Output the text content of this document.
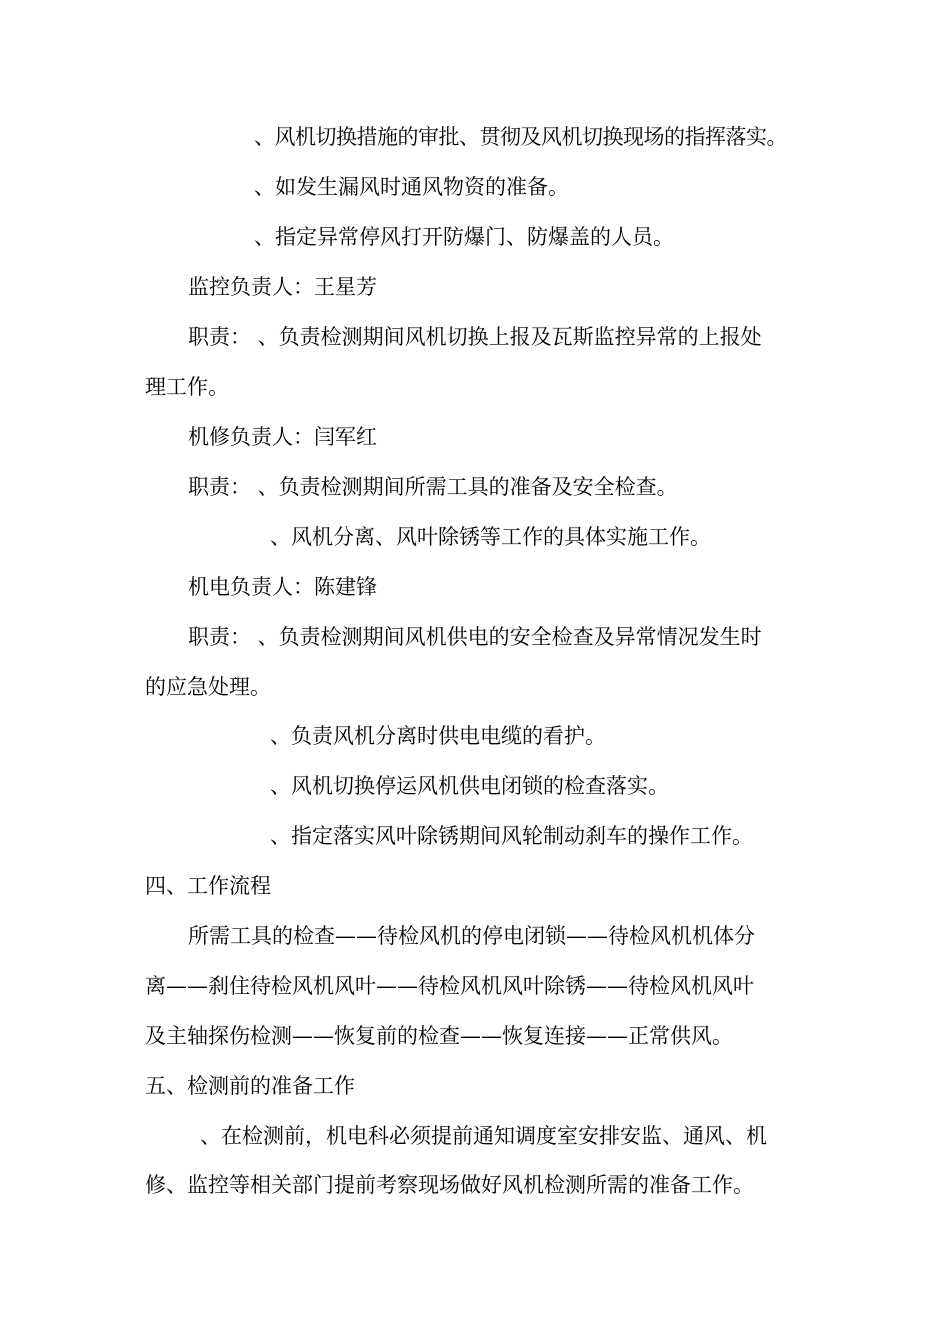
、风机切换措施的审批、贯彻及风机切换现场的指挥落实。
、如发生漏风时通风物资的准备。
、指定异常停风打开防爆门、防爆盖的人员。
监控负责人：王星芳
职责： 、负责检测期间风机切换上报及瓦斯监控异常的上报处
理工作。
机修负责人：闫军红
职责： 、负责检测期间所需工具的准备及安全检查。
、风机分离、风叶除锈等工作的具体实施工作。
机电负责人：陈建锋
职责： 、负责检测期间风机供电的安全检查及异常情况发生时
的应急处理。
、负责风机分离时供电电缆的看护。
、风机切换停运风机供电闭锁的检查落实。
、指定落实风叶除锈期间风轮制动刹车的操作工作。
四、工作流程
所需工具的检查——待检风机的停电闭锁——待检风机机体分
离——刹住待检风机风叶——待检风机风叶除锈——待检风机风叶
及主轴探伤检测——恢复前的检查——恢复连接——正常供风。
五、检测前的准备工作
、在检测前，机电科必须提前通知调度室安排安监、通风、机
修、监控等相关部门提前考察现场做好风机检测所需的准备工作。
